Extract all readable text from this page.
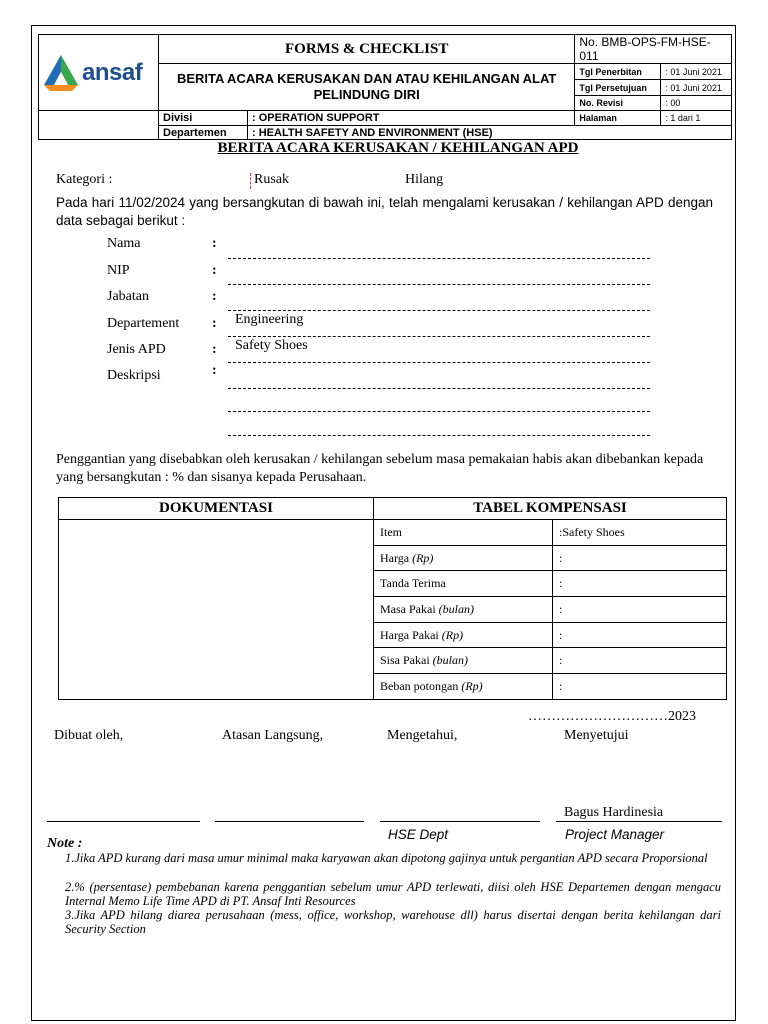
ansaf	FORMS & CHECKLIST		No. BMB-OPS-FM-HSE-011	
	BERITA ACARA KERUSAKAN DAN ATAU KEHILANGAN ALAT PELINDUNG DIRI		Tgl Penerbitan	: 01 Juni 2021
			Tgl Persetujuan	: 01 Juni 2021
			No. Revisi	: 00
	Divisi	: OPERATION SUPPORT	Halaman	: 1 dari 1
	Departemen	: HEALTH SAFETY AND ENVIRONMENT (HSE)		
BERITA ACARA KERUSAKAN / KEHILANGAN APD
Kategori :	Rusak	Hilang
Pada hari 11/02/2024 yang bersangkutan di bawah ini, telah mengalami kerusakan / kehilangan APD dengan data sebagai berikut :
Nama	:
NIP	:
Jabatan	:
Departement : Engineering
Jenis APD	: Safety Shoes
Deskripsi	:
Penggantian yang disebabkan oleh kerusakan / kehilangan sebelum masa pemakaian habis akan dibebankan kepada yang bersangkutan : % dan sisanya kepada Perusahaan.
DOKUMENTASI	TABEL KOMPENSASI	
	Item	:Safety Shoes
	Harga (Rp)	:
	Tanda Terima	:
	Masa Pakai (bulan)	:
	Harga Pakai (Rp)	:
	Sisa Pakai (bulan)	:
	Beban potongan (Rp)	:
…………………………2023
Dibuat oleh,	Atasan Langsung,	Mengetahui,	Menyetujui
Bagus Hardinesia
HSE Dept	Project Manager
Note :
1.Jika APD kurang dari masa umur minimal maka karyawan akan dipotong gajinya untuk pergantian APD secara Proporsional
2.% (persentase) pembebanan karena penggantian sebelum umur APD terlewati, diisi oleh HSE Departemen dengan mengacu Internal Memo Life Time APD di PT. Ansaf Inti Resources
3.Jika APD hilang diarea perusahaan (mess, office, workshop, warehouse dll) harus disertai dengan berita kehilangan dari Security Section
